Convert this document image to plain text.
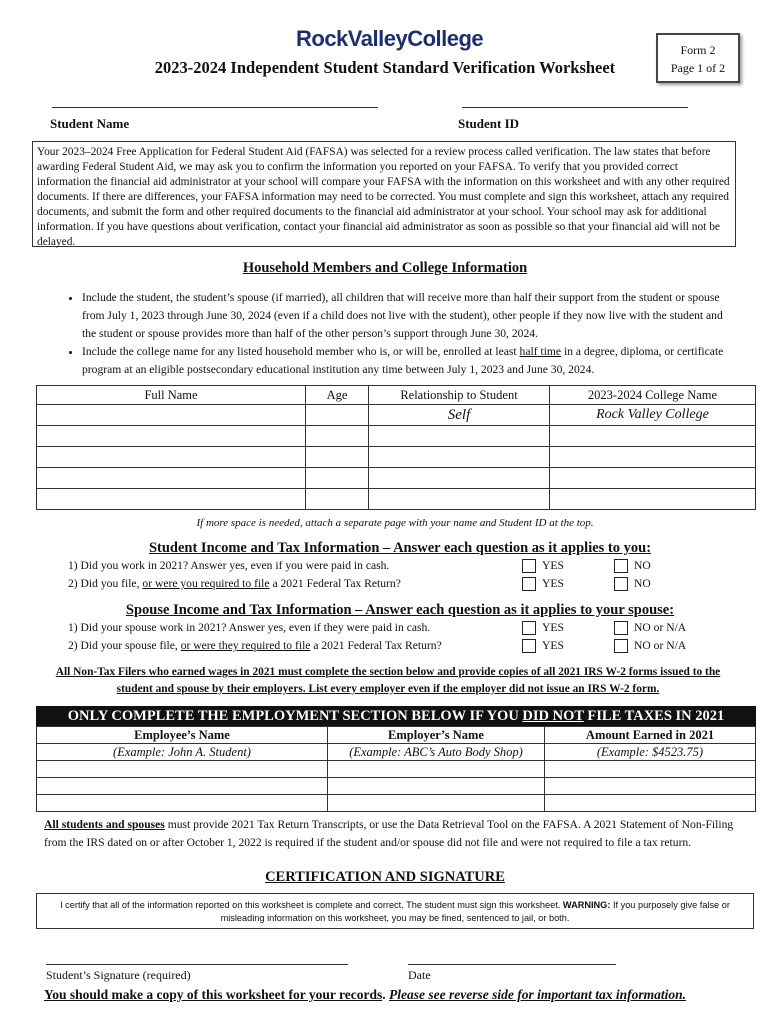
RockValleyCollege	Form 2
Page 1 of 2
2023-2024 Independent Student Standard Verification Worksheet
Student Name	Student ID
Your 2023–2024 Free Application for Federal Student Aid (FAFSA) was selected for a review process called verification. The law states that before awarding Federal Student Aid, we may ask you to confirm the information you reported on your FAFSA. To verify that you provided correct information the financial aid administrator at your school will compare your FAFSA with the information on this worksheet and with any other required documents. If there are differences, your FAFSA information may need to be corrected. You must complete and sign this worksheet, attach any required documents, and submit the form and other required documents to the financial aid administrator at your school. Your school may ask for additional information. If you have questions about verification, contact your financial aid administrator as soon as possible so that your financial aid will not be delayed.
Household Members and College Information
• Include the student, the student’s spouse (if married), all children that will receive more than half their support from the student or spouse from July 1, 2023 through June 30, 2024 (even if a child does not live with the student), other people if they now live with the student and the student or spouse provides more than half of the other person’s support through June 30, 2024.
• Include the college name for any listed household member who is, or will be, enrolled at least half time in a degree, diploma, or certificate program at an eligible postsecondary educational institution any time between July 1, 2023 and June 30, 2024.
Full Name	Age	Relationship to Student	2023-2024 College Name
		Self	Rock Valley College

If more space is needed, attach a separate page with your name and Student ID at the top.
Student Income and Tax Information – Answer each question as it applies to you:
1) Did you work in 2021? Answer yes, even if you were paid in cash.
2) Did you file, or were you required to file a 2021 Federal Tax Return?
YES	NO
YES	NO
Spouse Income and Tax Information – Answer each question as it applies to your spouse:
1) Did your spouse work in 2021? Answer yes, even if they were paid in cash.
2) Did your spouse file, or were they required to file a 2021 Federal Tax Return?
YES	NO or N/A
YES	NO or N/A
All Non-Tax Filers who earned wages in 2021 must complete the section below and provide copies of all 2021 IRS W-2 forms issued to the student and spouse by their employers. List every employer even if the employer did not issue an IRS W-2 form.
ONLY COMPLETE THE EMPLOYMENT SECTION BELOW IF YOU DID NOT FILE TAXES IN 2021
Employee’s Name	Employer’s Name	Amount Earned in 2021
(Example: John A. Student)	(Example: ABC’s Auto Body Shop)	(Example: $4523.75)

All students and spouses must provide 2021 Tax Return Transcripts, or use the Data Retrieval Tool on the FAFSA. A 2021 Statement of Non-Filing from the IRS dated on or after October 1, 2022 is required if the student and/or spouse did not file and were not required to file a tax return.
CERTIFICATION AND SIGNATURE
I certify that all of the information reported on this worksheet is complete and correct. The student must sign this worksheet. WARNING: If you purposely give false or misleading information on this worksheet, you may be fined, sentenced to jail, or both.
Student’s Signature (required)	Date
You should make a copy of this worksheet for your records. Please see reverse side for important tax information.
